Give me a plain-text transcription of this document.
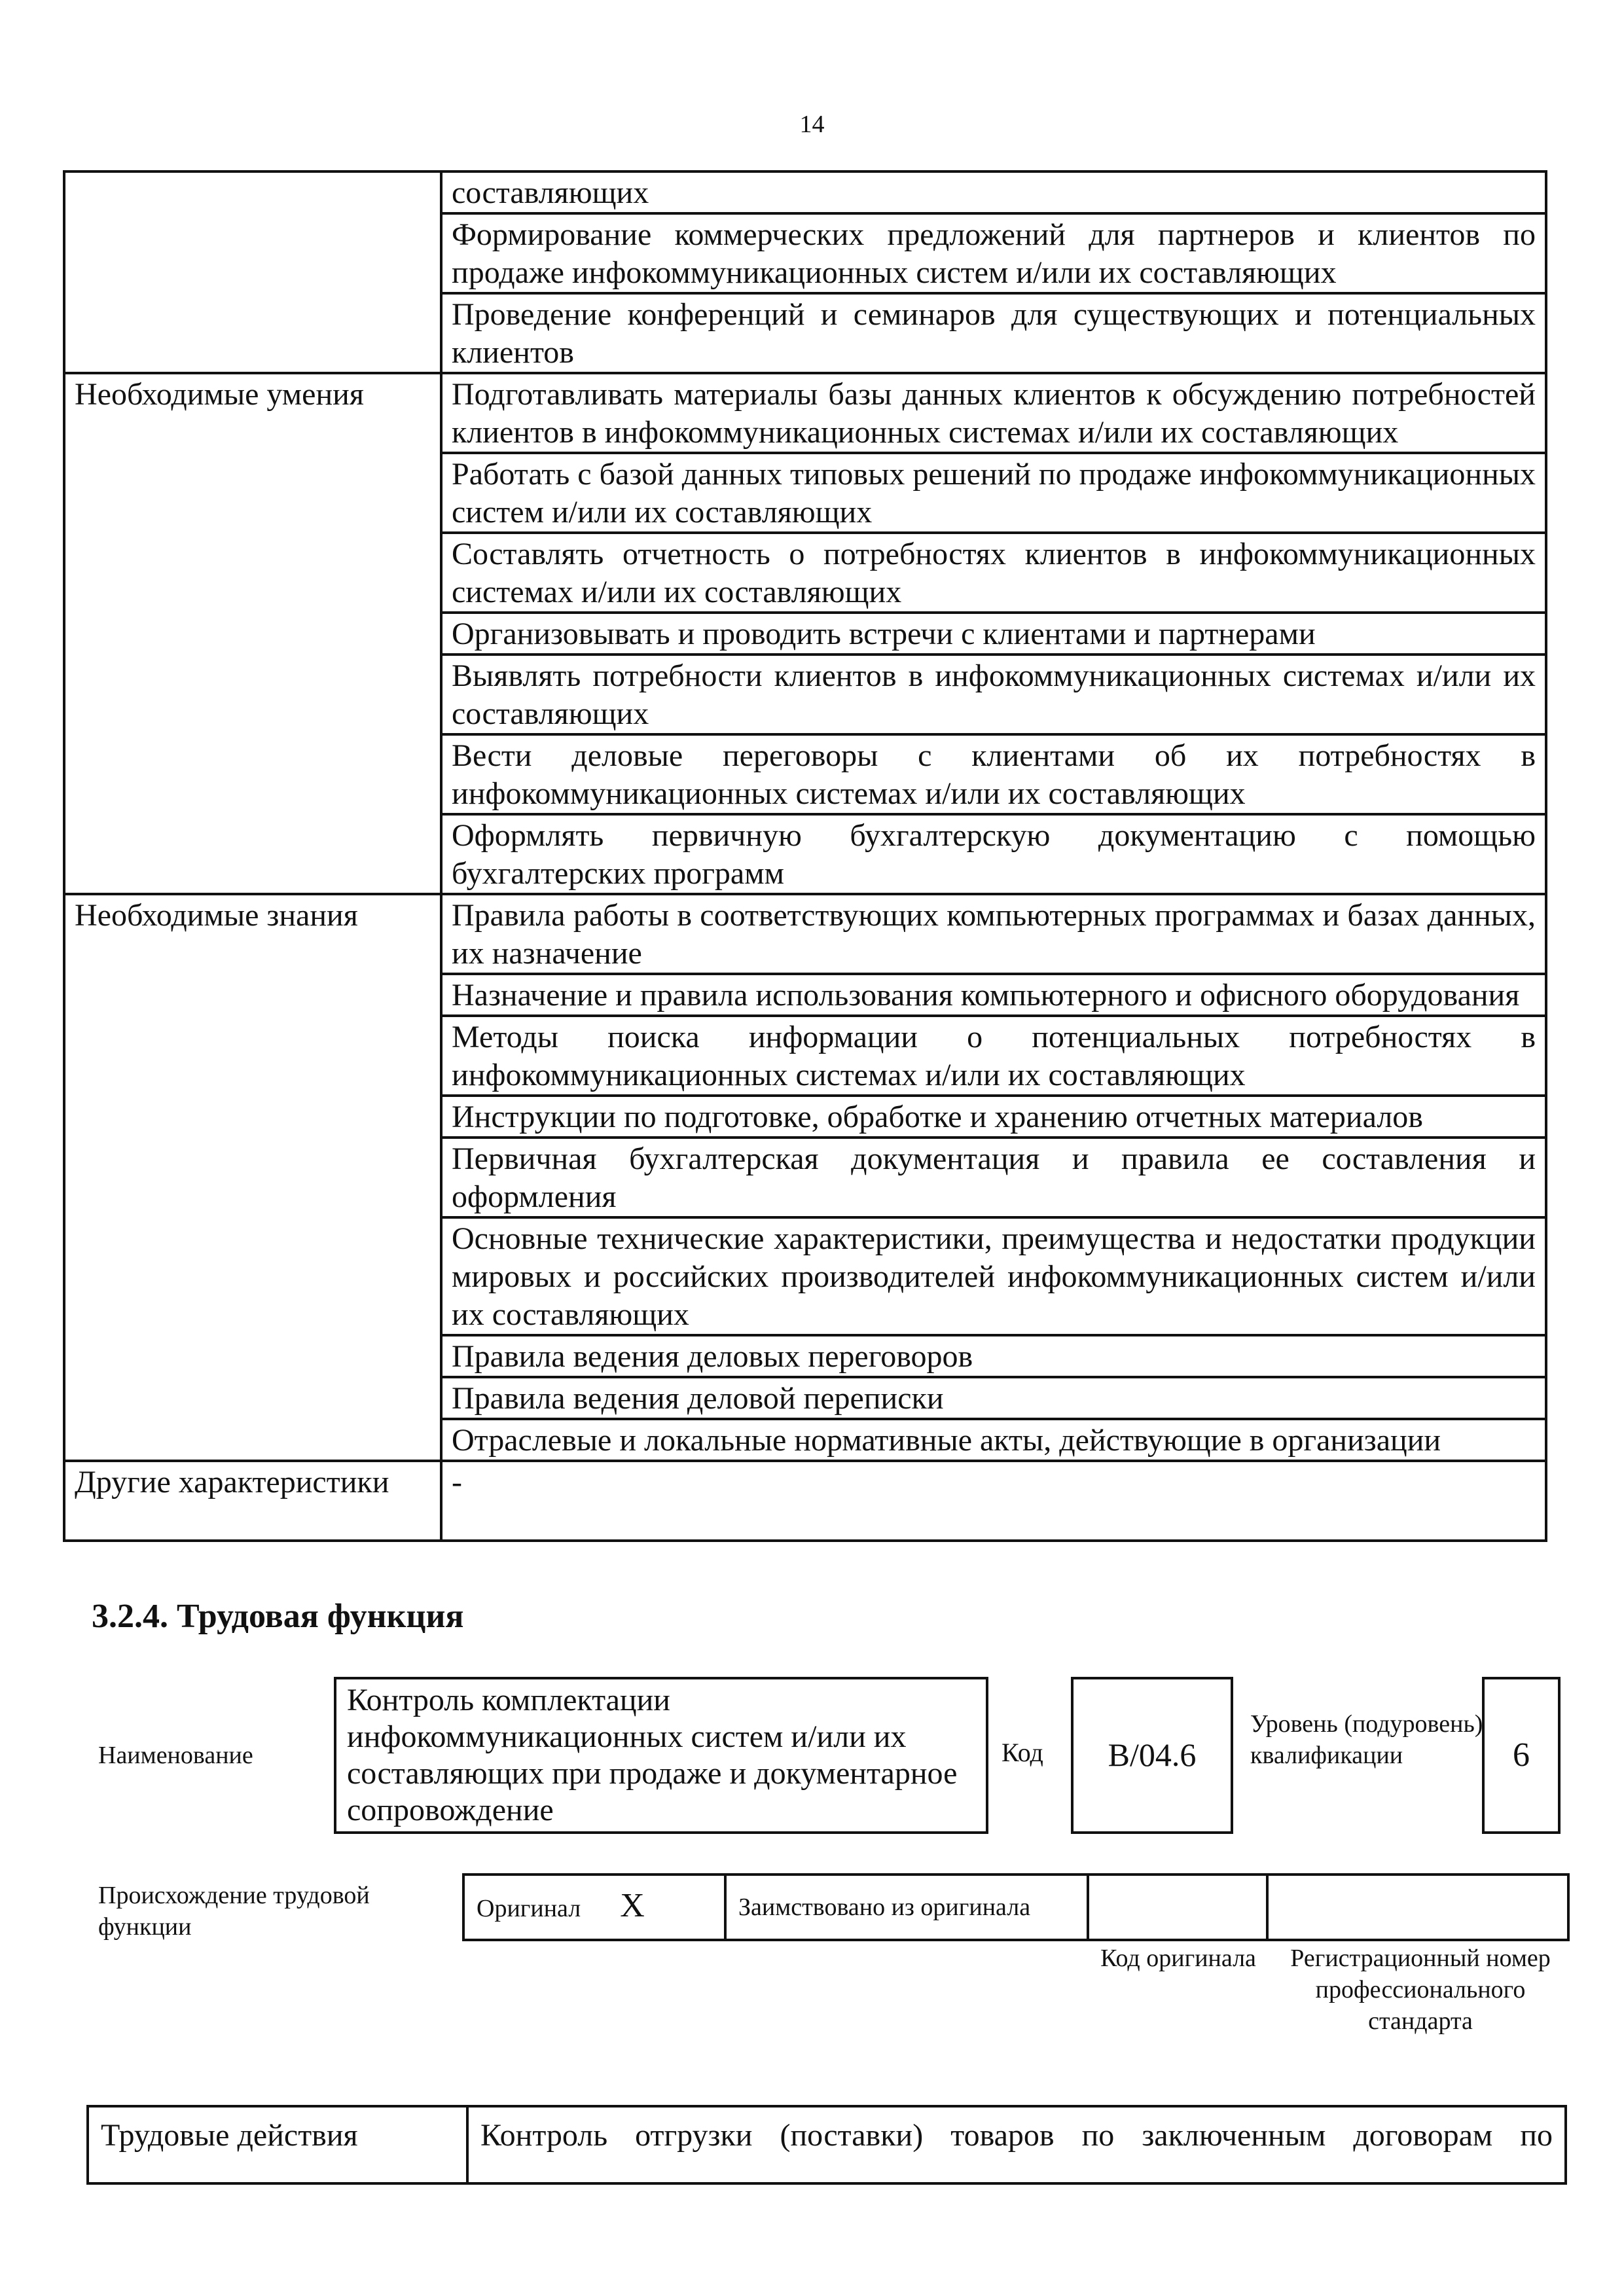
14
	составляющих
	Формирование коммерческих предложений для партнеров и клиентов по продаже инфокоммуникационных систем и/или их составляющих
	Проведение конференций и семинаров для существующих и потенциальных клиентов
Необходимые умения	Подготавливать материалы базы данных клиентов к обсуждению потребностей клиентов в инфокоммуникационных системах и/или их составляющих
	Работать с базой данных типовых решений по продаже инфокоммуникационных систем и/или их составляющих
	Составлять отчетность о потребностях клиентов в инфокоммуникационных системах и/или их составляющих
	Организовывать и проводить встречи с клиентами и партнерами
	Выявлять потребности клиентов в инфокоммуникационных системах и/или их составляющих
	Вести деловые переговоры с клиентами об их потребностях в инфокоммуникационных системах и/или их составляющих
	Оформлять первичную бухгалтерскую документацию с помощью бухгалтерских программ
Необходимые знания	Правила работы в соответствующих компьютерных программах и базах данных, их назначение
	Назначение и правила использования компьютерного и офисного оборудования
	Методы поиска информации о потенциальных потребностях в инфокоммуникационных системах и/или их составляющих
	Инструкции по подготовке, обработке и хранению отчетных материалов
	Первичная бухгалтерская документация и правила ее составления и оформления
	Основные технические характеристики, преимущества и недостатки продукции мировых и российских производителей инфокоммуникационных систем и/или их составляющих
	Правила ведения деловых переговоров
	Правила ведения деловой переписки
	Отраслевые и локальные нормативные акты, действующие в организации
Другие характеристики	-
3.2.4. Трудовая функция
Наименование
Контроль комплектации инфокоммуникационных систем и/или их составляющих при продаже и документарное сопровождение
Код	B/04.6
Уровень (подуровень) квалификации	6
Происхождение трудовой функции
Оригинал X	Заимствовано из оригинала		
Код оригинала	Регистрационный номер профессионального стандарта
Трудовые действия	Контроль отгрузки (поставки) товаров по заключенным договорам по
